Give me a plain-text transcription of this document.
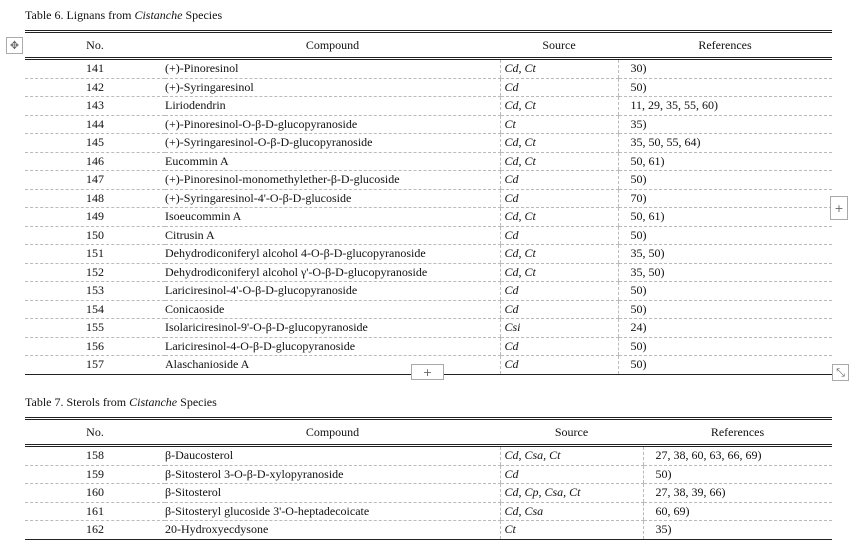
Table 6. Lignans from Cistanche Species
✥	No.	Compound	Source	References
141	(+)-Pinoresinol	Cd, Ct	30)
142	(+)-Syringaresinol	Cd	50)
143	Liriodendrin	Cd, Ct	11, 29, 35, 55, 60)
144	(+)-Pinoresinol-O-β-D-glucopyranoside	Ct	35)
145	(+)-Syringaresinol-O-β-D-glucopyranoside	Cd, Ct	35, 50, 55, 64)
146	Eucommin A	Cd, Ct	50, 61)
147	(+)-Pinoresinol-monomethylether-β-D-glucoside	Cd	50)
148	(+)-Syringaresinol-4'-O-β-D-glucoside	Cd	70)
149	Isoeucommin A	Cd, Ct	50, 61)
150	Citrusin A	Cd	50)
151	Dehydrodiconiferyl alcohol 4-O-β-D-glucopyranoside	Cd, Ct	35, 50)
152	Dehydrodiconiferyl alcohol γ'-O-β-D-glucopyranoside	Cd, Ct	35, 50)
153	Lariciresinol-4'-O-β-D-glucopyranoside	Cd	50)
154	Conicaoside	Cd	50)
155	Isolariciresinol-9'-O-β-D-glucopyranoside	Csi	24)
156	Lariciresinol-4-O-β-D-glucopyranoside	Cd	50)
157	Alaschanioside A	Cd	50)
+
+	⤡
Table 7. Sterols from Cistanche Species
No.	Compound	Source	References
158	β-Daucosterol	Cd, Csa, Ct	27, 38, 60, 63, 66, 69)
159	β-Sitosterol 3-O-β-D-xylopyranoside	Cd	50)
160	β-Sitosterol	Cd, Cp, Csa, Ct	27, 38, 39, 66)
161	β-Sitosteryl glucoside 3'-O-heptadecoicate	Cd, Csa	60, 69)
162	20-Hydroxyecdysone	Ct	35)
